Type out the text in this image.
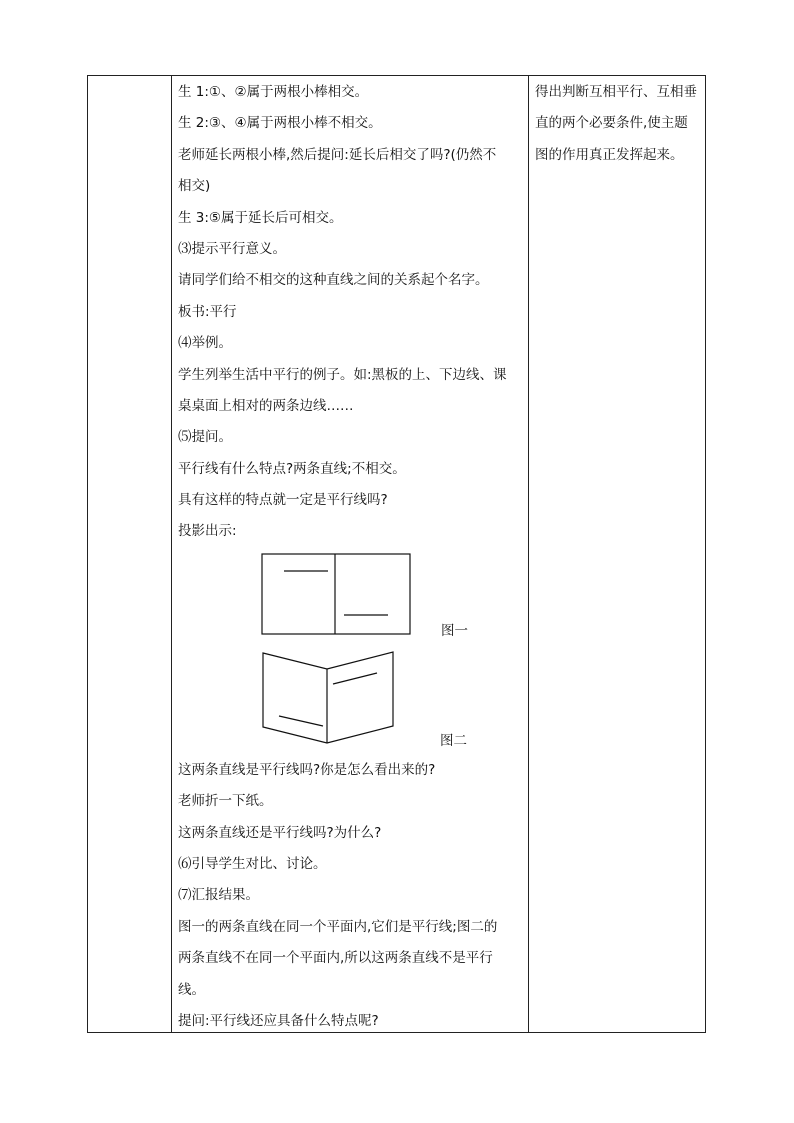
生 1:①、②属于两根小棒相交。
生 2:③、④属于两根小棒不相交。
老师延长两根小棒,然后提问:延长后相交了吗?(仍然不
相交)
生 3:⑤属于延长后可相交。
⑶提示平行意义。
请同学们给不相交的这种直线之间的关系起个名字。
板书:平行
⑷举例。
学生列举生活中平行的例子。如:黑板的上、下边线、课
桌桌面上相对的两条边线……
⑸提问。
平行线有什么特点?两条直线;不相交。
具有这样的特点就一定是平行线吗?
投影出示:
这两条直线是平行线吗?你是怎么看出来的?
老师折一下纸。
这两条直线还是平行线吗?为什么?
⑹引导学生对比、讨论。
⑺汇报结果。
图一的两条直线在同一个平面内,它们是平行线;图二的
两条直线不在同一个平面内,所以这两条直线不是平行
线。
提问:平行线还应具备什么特点呢?
图一
图二
得出判断互相平行、互相垂
直的两个必要条件,使主题
图的作用真正发挥起来。
